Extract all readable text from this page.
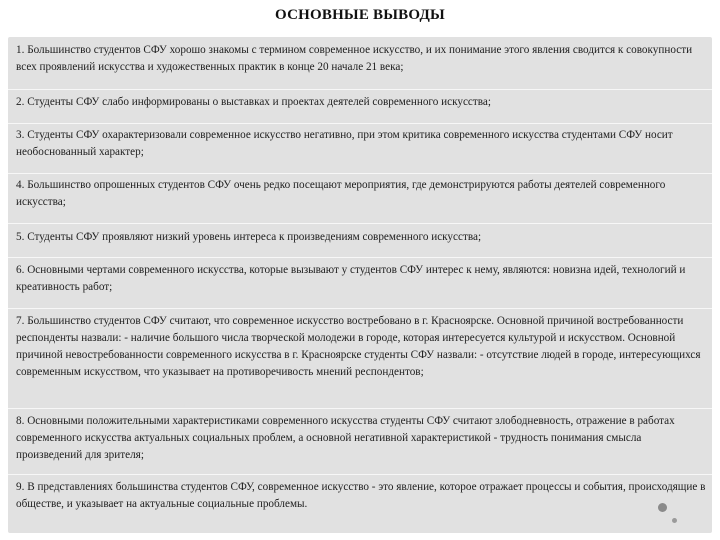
ОСНОВНЫЕ ВЫВОДЫ
1. Большинство студентов СФУ хорошо знакомы с термином современное искусство, и их понимание этого явления сводится к совокупности всех проявлений искусства и художественных практик в конце 20 начале 21 века;
2. Студенты СФУ слабо информированы о выставках и проектах деятелей современного искусства;
3. Студенты СФУ охарактеризовали современное искусство негативно, при этом критика современного искусства студентами СФУ носит необоснованный характер;
4. Большинство опрошенных студентов СФУ очень редко посещают мероприятия, где демонстрируются работы деятелей современного искусства;
5. Студенты СФУ проявляют низкий уровень интереса к произведениям современного искусства;
6. Основными чертами современного искусства, которые вызывают у студентов СФУ интерес к нему, являются: новизна идей, технологий и креативность работ;
7. Большинство студентов СФУ считают, что современное искусство востребовано в г. Красноярске. Основной причиной востребованности респонденты назвали: - наличие большого числа творческой молодежи в городе, которая интересуется культурой и искусством. Основной причиной невостребованности современного искусства в г. Красноярске студенты СФУ назвали: - отсутствие людей в городе, интересующихся современным искусством, что указывает на противоречивость мнений респондентов;
8. Основными положительными характеристиками современного искусства студенты СФУ считают злободневность, отражение в работах современного искусства актуальных социальных проблем, а основной негативной характеристикой - трудность понимания смысла произведений для зрителя;
9. В представлениях большинства студентов СФУ, современное искусство - это явление, которое отражает процессы и события, происходящие в обществе, и указывает на актуальные социальные проблемы.
